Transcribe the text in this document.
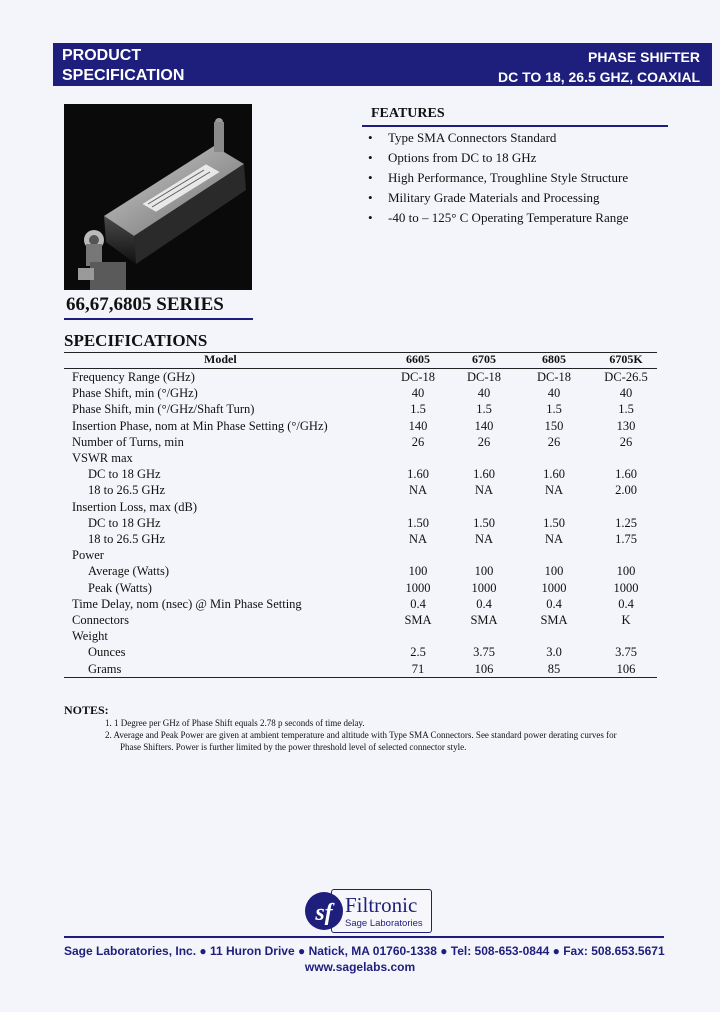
PRODUCT
SPECIFICATION
PHASE SHIFTER
DC TO 18, 26.5 GHZ, COAXIAL
66,67,6805 SERIES
FEATURES
• Type SMA Connectors Standard
• Options from DC to 18 GHz
• High Performance, Troughline Style Structure
• Military Grade Materials and Processing
• -40 to – 125° C Operating Temperature Range
SPECIFICATIONS
Model	6605	6705	6805	6705K
Frequency Range (GHz)	DC-18	DC-18	DC-18	DC-26.5
Phase Shift, min (°/GHz)	40	40	40	40
Phase Shift, min (°/GHz/Shaft Turn)	1.5	1.5	1.5	1.5
Insertion Phase, nom at Min Phase Setting (°/GHz)	140	140	150	130
Number of Turns, min	26	26	26	26
VSWR max
DC to 18 GHz	1.60	1.60	1.60	1.60
18 to 26.5 GHz	NA	NA	NA	2.00
Insertion Loss, max (dB)
DC to 18 GHz	1.50	1.50	1.50	1.25
18 to 26.5 GHz	NA	NA	NA	1.75
Power
Average (Watts)	100	100	100	100
Peak (Watts)	1000	1000	1000	1000
Time Delay, nom (nsec) @ Min Phase Setting	0.4	0.4	0.4	0.4
Connectors	SMA	SMA	SMA	K
Weight
Ounces	2.5	3.75	3.0	3.75
Grams	71	106	85	106
NOTES:
1. 1 Degree per GHz of Phase Shift equals 2.78 p seconds of time delay.
2. Average and Peak Power are given at ambient temperature and altitude with Type SMA Connectors. See standard power derating curves for
Phase Shifters. Power is further limited by the power threshold level of selected connector style.
sf Filtronic
Sage Laboratories
Sage Laboratories, Inc. ● 11 Huron Drive ● Natick, MA 01760-1338 ● Tel: 508-653-0844 ● Fax: 508.653.5671
www.sagelabs.com
